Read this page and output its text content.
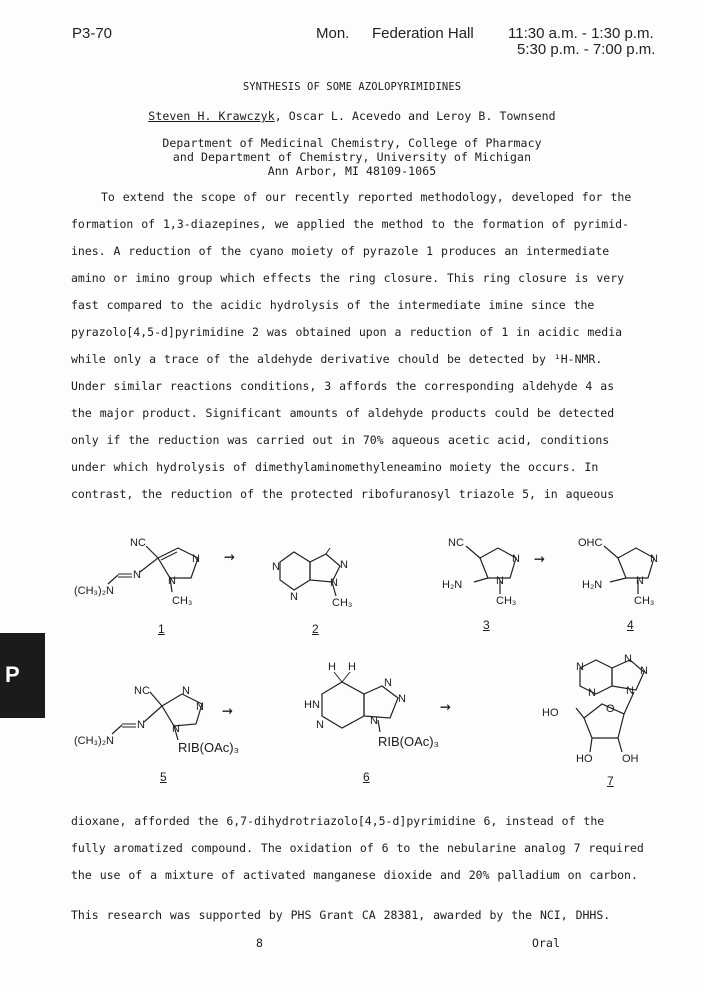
P3-70	Mon. Federation Hall 11:30 a.m. - 1:30 p.m.
5:30 p.m. - 7:00 p.m.
SYNTHESIS OF SOME AZOLOPYRIMIDINES
Steven H. Krawczyk, Oscar L. Acevedo and Leroy B. Townsend
Department of Medicinal Chemistry, College of Pharmacy
and Department of Chemistry, University of Michigan
Ann Arbor, MI 48109-1065
To extend the scope of our recently reported methodology, developed for the
formation of 1,3-diazepines, we applied the method to the formation of pyrimid-
ines. A reduction of the cyano moiety of pyrazole 1 produces an intermediate
amino or imino group which effects the ring closure. This ring closure is very
fast compared to the acidic hydrolysis of the intermediate imine since the
pyrazolo[4,5-d]pyrimidine 2 was obtained upon a reduction of 1 in acidic media
while only a trace of the aldehyde derivative chould be detected by ¹H-NMR.
Under similar reactions conditions, 3 affords the corresponding aldehyde 4 as
the major product. Significant amounts of aldehyde products could be detected
only if the reduction was carried out in 70% aqueous acetic acid, conditions
under which hydrolysis of dimethylaminomethyleneamino moiety the occurs. In
contrast, the reduction of the protected ribofuranosyl triazole 5, in aqueous
P
NC
N
N
(CH₃)₂N
N
CH₃
1
→	N
N
N
N
CH₃
2
NC
N
N
H₂N
CH₃
3
→
OHC
N
N
H₂N
CH₃
4
NC	N
N
N
(CH₃)₂N
N
RIB(OAc)₃
5
→
H H
HN
N
N
N
N
RIB(OAc)₃
6
→
N
N
N
N
N
HO	O
HO	OH
7
dioxane, afforded the 6,7-dihydrotriazolo[4,5-d]pyrimidine 6, instead of the
fully aromatized compound. The oxidation of 6 to the nebularine analog 7 required
the use of a mixture of activated manganese dioxide and 20% palladium on carbon.
This research was supported by PHS Grant CA 28381, awarded by the NCI, DHHS.
8	Oral
